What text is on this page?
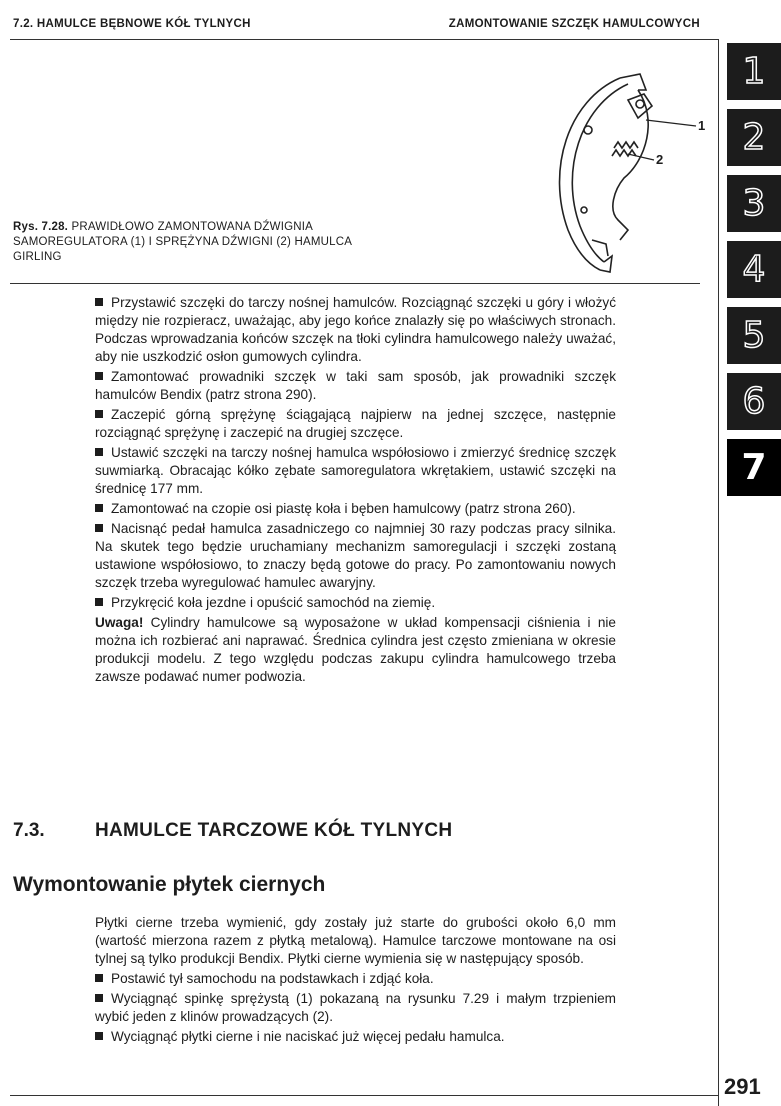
7.2. HAMULCE BĘBNOWE KÓŁ TYLNYCH	ZAMONTOWANIE SZCZĘK HAMULCOWYCH
1
2
Rys. 7.28. PRAWIDŁOWO ZAMONTOWANA DŹWIGNIA SAMOREGULATORA (1) I SPRĘŻYNA DŹWIGNI (2) HAMULCA GIRLING

Przystawić szczęki do tarczy nośnej hamulców. Rozciągnąć szczęki u góry i włożyć między nie rozpieracz, uważając, aby jego końce znalazły się po właściwych stronach. Podczas wprowadzania końców szczęk na tłoki cylindra hamulcowego należy uważać, aby nie uszkodzić osłon gumowych cylindra.

Zamontować prowadniki szczęk w taki sam sposób, jak prowadniki szczęk hamulców Bendix (patrz strona 290).

Zaczepić górną sprężynę ściągającą najpierw na jednej szczęce, następnie rozciągnąć sprężynę i zaczepić na drugiej szczęce.

Ustawić szczęki na tarczy nośnej hamulca współosiowo i zmierzyć średnicę szczęk suwmiarką. Obracając kółko zębate samoregulatora wkrętakiem, ustawić szczęki na średnicę 177 mm.

Zamontować na czopie osi piastę koła i bęben hamulcowy (patrz strona 260).

Nacisnąć pedał hamulca zasadniczego co najmniej 30 razy podczas pracy silnika. Na skutek tego będzie uruchamiany mechanizm samoregulacji i szczęki zostaną ustawione współosiowo, to znaczy będą gotowe do pracy. Po zamontowaniu nowych szczęk trzeba wyregulować hamulec awaryjny.

Przykręcić koła jezdne i opuścić samochód na ziemię.

Uwaga! Cylindry hamulcowe są wyposażone w układ kompensacji ciśnienia i nie można ich rozbierać ani naprawać. Średnica cylindra jest często zmieniana w okresie produkcji modelu. Z tego względu podczas zakupu cylindra hamulcowego trzeba zawsze podawać numer podwozia.

7.3.	HAMULCE TARCZOWE KÓŁ TYLNYCH
Wymontowanie płytek ciernych

Płytki cierne trzeba wymienić, gdy zostały już starte do grubości około 6,0 mm (wartość mierzona razem z płytką metalową). Hamulce tarczowe montowane na osi tylnej są tylko produkcji Bendix. Płytki cierne wymienia się w następujący sposób.

Postawić tył samochodu na podstawkach i zdjąć koła.

Wyciągnąć spinkę sprężystą (1) pokazaną na rysunku 7.29 i małym trzpieniem wybić jeden z klinów prowadzących (2).

Wyciągnąć płytki cierne i nie naciskać już więcej pedału hamulca.

1
2
3
4
5
6
7
291
